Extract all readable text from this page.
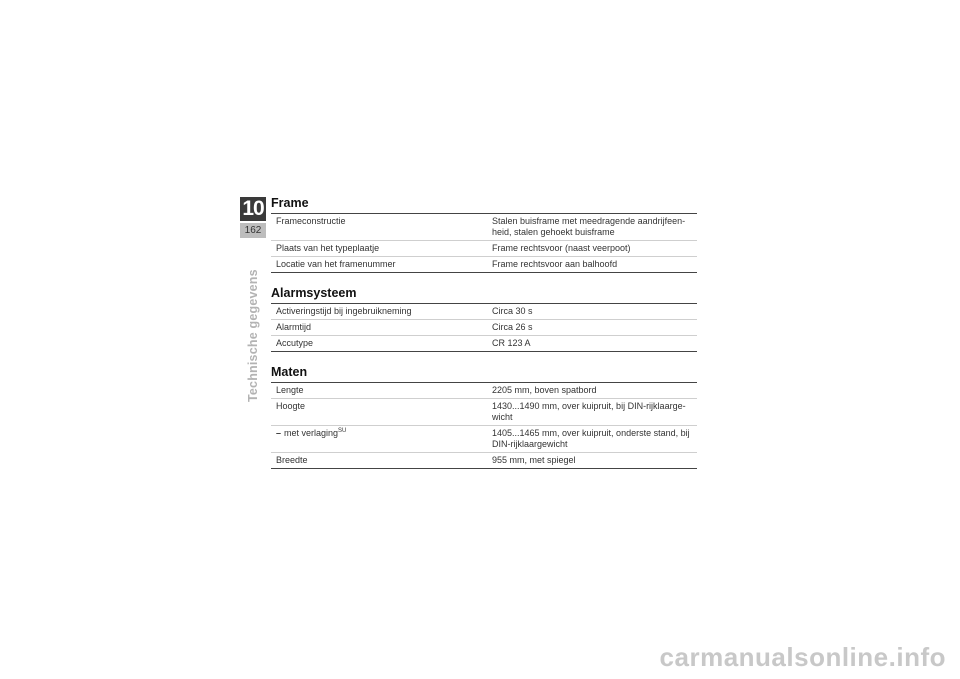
10
162
Technische gegevens
Frame
Frameconstructie	Stalen buisframe met meedragende aandrijfeen-heid, stalen gehoekt buisframe
Plaats van het typeplaatje	Frame rechtsvoor (naast veerpoot)
Locatie van het framenummer	Frame rechtsvoor aan balhoofd
Alarmsysteem
Activeringstijd bij ingebruikneming	Circa 30 s
Alarmtijd	Circa 26 s
Accutype	CR 123 A
Maten
Lengte	2205 mm, boven spatbord
Hoogte	1430...1490 mm, over kuipruit, bij DIN-rijklaarge-wicht
– met verlaging$^{SU}$	1405...1465 mm, over kuipruit, onderste stand, bij DIN-rijklaargewicht
Breedte	955 mm, met spiegel
carmanualsonline.info
